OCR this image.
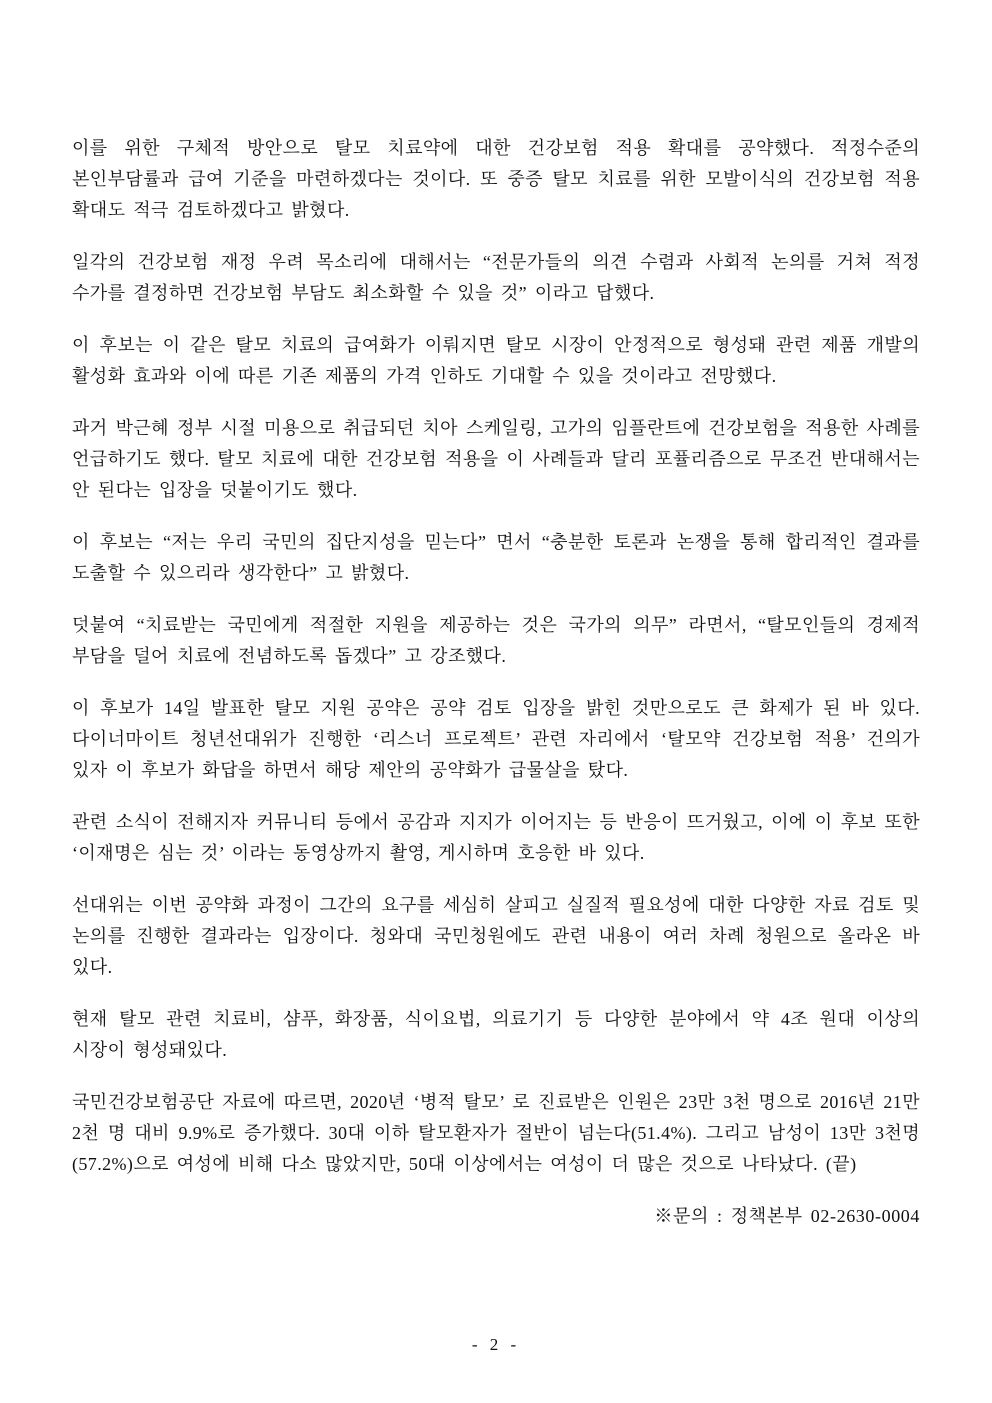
이를 위한 구체적 방안으로 탈모 치료약에 대한 건강보험 적용 확대를 공약했다. 적정수준의 본인부담률과 급여 기준을 마련하겠다는 것이다. 또 중증 탈모 치료를 위한 모발이식의 건강보험 적용 확대도 적극 검토하겠다고 밝혔다.

일각의 건강보험 재정 우려 목소리에 대해서는 “전문가들의 의견 수렴과 사회적 논의를 거쳐 적정 수가를 결정하면 건강보험 부담도 최소화할 수 있을 것” 이라고 답했다.

이 후보는 이 같은 탈모 치료의 급여화가 이뤄지면 탈모 시장이 안정적으로 형성돼 관련 제품 개발의 활성화 효과와 이에 따른 기존 제품의 가격 인하도 기대할 수 있을 것이라고 전망했다.

과거 박근혜 정부 시절 미용으로 취급되던 치아 스케일링, 고가의 임플란트에 건강보험을 적용한 사례를 언급하기도 했다. 탈모 치료에 대한 건강보험 적용을 이 사례들과 달리 포퓰리즘으로 무조건 반대해서는 안 된다는 입장을 덧붙이기도 했다.

이 후보는 “저는 우리 국민의 집단지성을 믿는다” 면서 “충분한 토론과 논쟁을 통해 합리적인 결과를 도출할 수 있으리라 생각한다” 고 밝혔다.

덧붙여 “치료받는 국민에게 적절한 지원을 제공하는 것은 국가의 의무” 라면서, “탈모인들의 경제적 부담을 덜어 치료에 전념하도록 돕겠다” 고 강조했다.

이 후보가 14일 발표한 탈모 지원 공약은 공약 검토 입장을 밝힌 것만으로도 큰 화제가 된 바 있다. 다이너마이트 청년선대위가 진행한 ‘리스너 프로젝트’ 관련 자리에서 ‘탈모약 건강보험 적용’ 건의가 있자 이 후보가 화답을 하면서 해당 제안의 공약화가 급물살을 탔다.

관련 소식이 전해지자 커뮤니티 등에서 공감과 지지가 이어지는 등 반응이 뜨거웠고, 이에 이 후보 또한 ‘이재명은 심는 것’ 이라는 동영상까지 촬영, 게시하며 호응한 바 있다.

선대위는 이번 공약화 과정이 그간의 요구를 세심히 살피고 실질적 필요성에 대한 다양한 자료 검토 및 논의를 진행한 결과라는 입장이다. 청와대 국민청원에도 관련 내용이 여러 차례 청원으로 올라온 바 있다.

현재 탈모 관련 치료비, 샴푸, 화장품, 식이요법, 의료기기 등 다양한 분야에서 약 4조 원대 이상의 시장이 형성돼있다.

국민건강보험공단 자료에 따르면, 2020년 ‘병적 탈모’ 로 진료받은 인원은 23만 3천 명으로 2016년 21만 2천 명 대비 9.9%로 증가했다. 30대 이하 탈모환자가 절반이 넘는다(51.4%). 그리고 남성이 13만 3천명(57.2%)으로 여성에 비해 다소 많았지만, 50대 이상에서는 여성이 더 많은 것으로 나타났다. (끝)

※문의 : 정책본부 02-2630-0004

- 2 -
